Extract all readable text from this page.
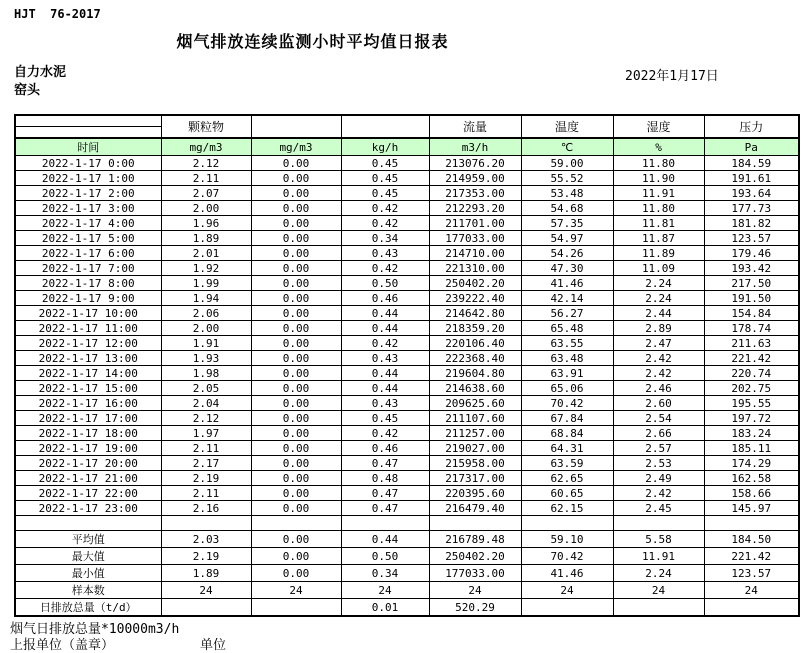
HJT  76-2017
烟气排放连续监测小时平均值日报表
自力水泥
窑头
2022年1月17日
	颗粒物			流量	温度	湿度	压力

时间	mg/m3	mg/m3	kg/h	m3/h	℃	%	Pa
2022-1-17 0:00	2.12	0.00	0.45	213076.20	59.00	11.80	184.59
2022-1-17 1:00	2.11	0.00	0.45	214959.00	55.52	11.90	191.61
2022-1-17 2:00	2.07	0.00	0.45	217353.00	53.48	11.91	193.64
2022-1-17 3:00	2.00	0.00	0.42	212293.20	54.68	11.80	177.73
2022-1-17 4:00	1.96	0.00	0.42	211701.00	57.35	11.81	181.82
2022-1-17 5:00	1.89	0.00	0.34	177033.00	54.97	11.87	123.57
2022-1-17 6:00	2.01	0.00	0.43	214710.00	54.26	11.89	179.46
2022-1-17 7:00	1.92	0.00	0.42	221310.00	47.30	11.09	193.42
2022-1-17 8:00	1.99	0.00	0.50	250402.20	41.46	2.24	217.50
2022-1-17 9:00	1.94	0.00	0.46	239222.40	42.14	2.24	191.50
2022-1-17 10:00	2.06	0.00	0.44	214642.80	56.27	2.44	154.84
2022-1-17 11:00	2.00	0.00	0.44	218359.20	65.48	2.89	178.74
2022-1-17 12:00	1.91	0.00	0.42	220106.40	63.55	2.47	211.63
2022-1-17 13:00	1.93	0.00	0.43	222368.40	63.48	2.42	221.42
2022-1-17 14:00	1.98	0.00	0.44	219604.80	63.91	2.42	220.74
2022-1-17 15:00	2.05	0.00	0.44	214638.60	65.06	2.46	202.75
2022-1-17 16:00	2.04	0.00	0.43	209625.60	70.42	2.60	195.55
2022-1-17 17:00	2.12	0.00	0.45	211107.60	67.84	2.54	197.72
2022-1-17 18:00	1.97	0.00	0.42	211257.00	68.84	2.66	183.24
2022-1-17 19:00	2.11	0.00	0.46	219027.00	64.31	2.57	185.11
2022-1-17 20:00	2.17	0.00	0.47	215958.00	63.59	2.53	174.29
2022-1-17 21:00	2.19	0.00	0.48	217317.00	62.65	2.49	162.58
2022-1-17 22:00	2.11	0.00	0.47	220395.60	60.65	2.42	158.66
2022-1-17 23:00	2.16	0.00	0.47	216479.40	62.15	2.45	145.97

平均值	2.03	0.00	0.44	216789.48	59.10	5.58	184.50
最大值	2.19	0.00	0.50	250402.20	70.42	11.91	221.42
最小值	1.89	0.00	0.34	177033.00	41.46	2.24	123.57
样本数	24	24	24	24	24	24	24
日排放总量（t/d）			0.01	520.29			
烟气日排放总量*10000m3/h
上报单位（盖章）	单位
